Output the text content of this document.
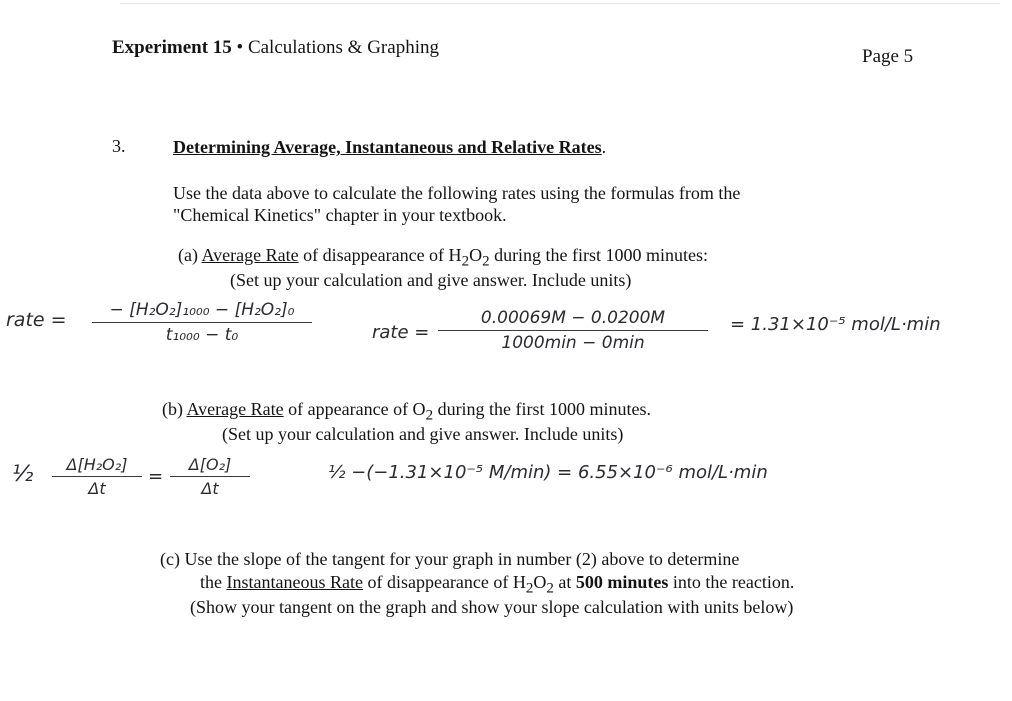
Experiment 15 • Calculations & Graphing	Page 5
3.	Determining Average, Instantaneous and Relative Rates.
Use the data above to calculate the following rates using the formulas from the
"Chemical Kinetics" chapter in your textbook.
(a) Average Rate of disappearance of $H_2O_2$ during the first 1000 minutes:
(Set up your calculation and give answer. Include units)
rate =	− [H₂O₂]₁₀₀₀ − [H₂O₂]₀
t₁₀₀₀ − t₀	rate =
0.00069M − 0.0200M
1000min − 0min
= 1.31×10⁻⁵ mol/L·min
(b) Average Rate of appearance of $O_2$ during the first 1000 minutes.
(Set up your calculation and give answer. Include units)
½	Δ[H₂O₂]
Δt
=
Δ[O₂]
Δt
½ −(−1.31×10⁻⁵ M/min) = 6.55×10⁻⁶ mol/L·min
(c) Use the slope of the tangent for your graph in number (2) above to determine
the Instantaneous Rate of disappearance of $H_2O_2$ at 500 minutes into the reaction.
(Show your tangent on the graph and show your slope calculation with units below)
